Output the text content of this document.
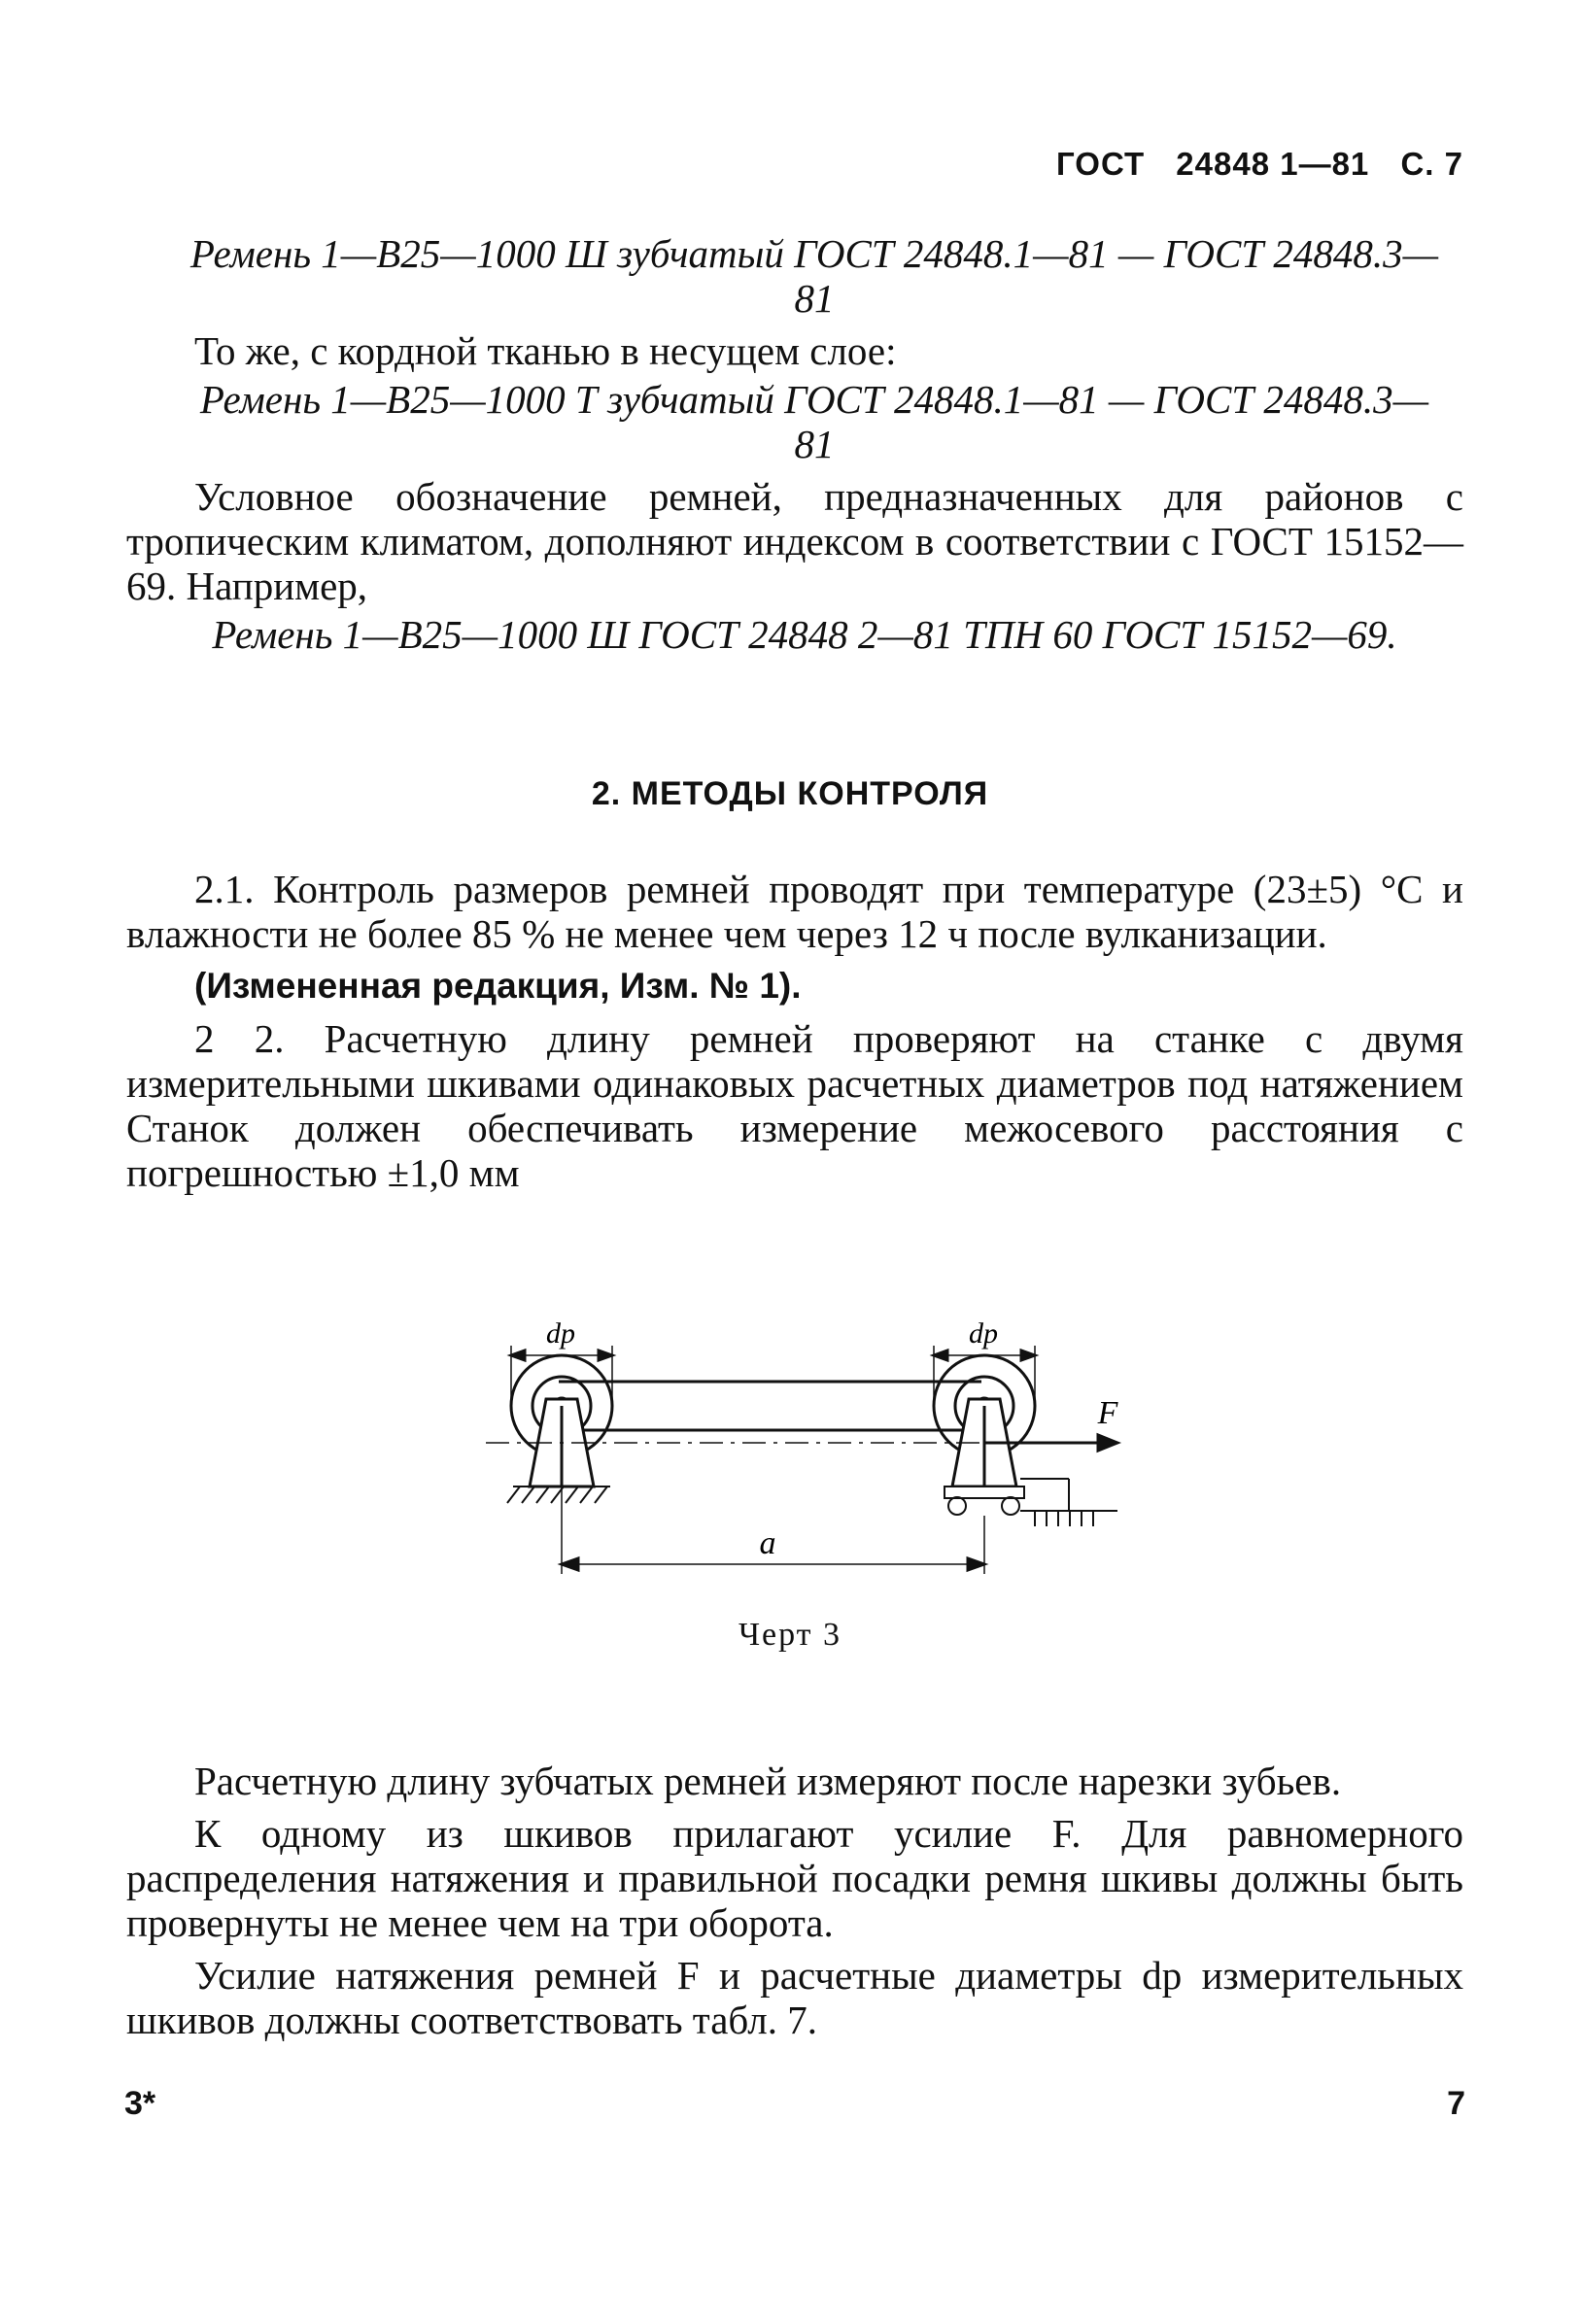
ГОСТ 24848 1—81 С. 7

Ремень 1—В25—1000 Ш зубчатый ГОСТ 24848.1—81 — ГОСТ 24848.3—81

То же, с кордной тканью в несущем слое:

Ремень 1—В25—1000 Т зубчатый ГОСТ 24848.1—81 — ГОСТ 24848.3—81

Условное обозначение ремней, предназначенных для районов с тропическим климатом, дополняют индексом в соответствии с ГОСТ 15152—69. Например,

Ремень 1—В25—1000 Ш ГОСТ 24848 2—81 ТПН 60 ГОСТ 15152—69.

2. МЕТОДЫ КОНТРОЛЯ

2.1. Контроль размеров ремней проводят при температуре (23±5) °С и влажности не более 85 % не менее чем через 12 ч после вулканизации.

(Измененная редакция, Изм. № 1).

2 2. Расчетную длину ремней проверяют на станке с двумя измерительными шкивами одинаковых расчетных диаметров под натяжением Станок должен обеспечивать измерение межосевого расстояния с погрешностью ±1,0 мм

dp	dp
F
a
Черт 3

Расчетную длину зубчатых ремней измеряют после нарезки зубьев.

К одному из шкивов прилагают усилие F. Для равномерного распределения натяжения и правильной посадки ремня шкивы должны быть провернуты не менее чем на три оборота.

Усилие натяжения ремней F и расчетные диаметры dр измерительных шкивов должны соответствовать табл. 7.

3*	7
